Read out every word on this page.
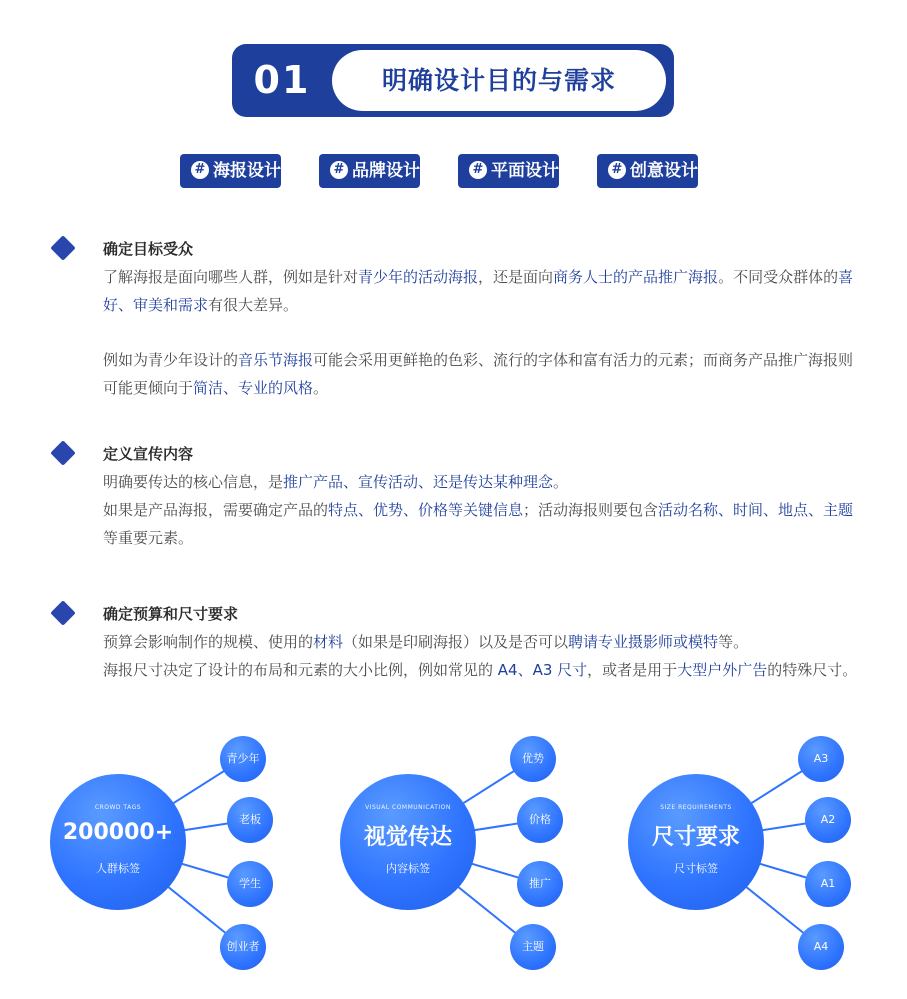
01	明确设计目的与需求
# 海报设计	# 品牌设计	# 平面设计	# 创意设计
确定目标受众
了解海报是面向哪些人群，例如是针对青少年的活动海报，还是面向商务人士的产品推广海报。不同受众群体的喜好、审美和需求有很大差异。
例如为青少年设计的音乐节海报可能会采用更鲜艳的色彩、流行的字体和富有活力的元素；而商务产品推广海报则可能更倾向于简洁、专业的风格。
定义宣传内容
明确要传达的核心信息，是推广产品、宣传活动、还是传达某种理念。
如果是产品海报，需要确定产品的特点、优势、价格等关键信息；活动海报则要包含活动名称、时间、地点、主题等重要元素。
确定预算和尺寸要求
预算会影响制作的规模、使用的材料（如果是印刷海报）以及是否可以聘请专业摄影师或模特等。
海报尺寸决定了设计的布局和元素的大小比例，例如常见的 A4、A3 尺寸，或者是用于大型户外广告的特殊尺寸。
CROWD TAGS
200000+
人群标签
青少年
老板
学生
创业者
VISUAL COMMUNICATION
视觉传达
内容标签
优势
价格
推广
主题
SIZE REQUIREMENTS
尺寸要求
尺寸标签
A3
A2
A1
A4
